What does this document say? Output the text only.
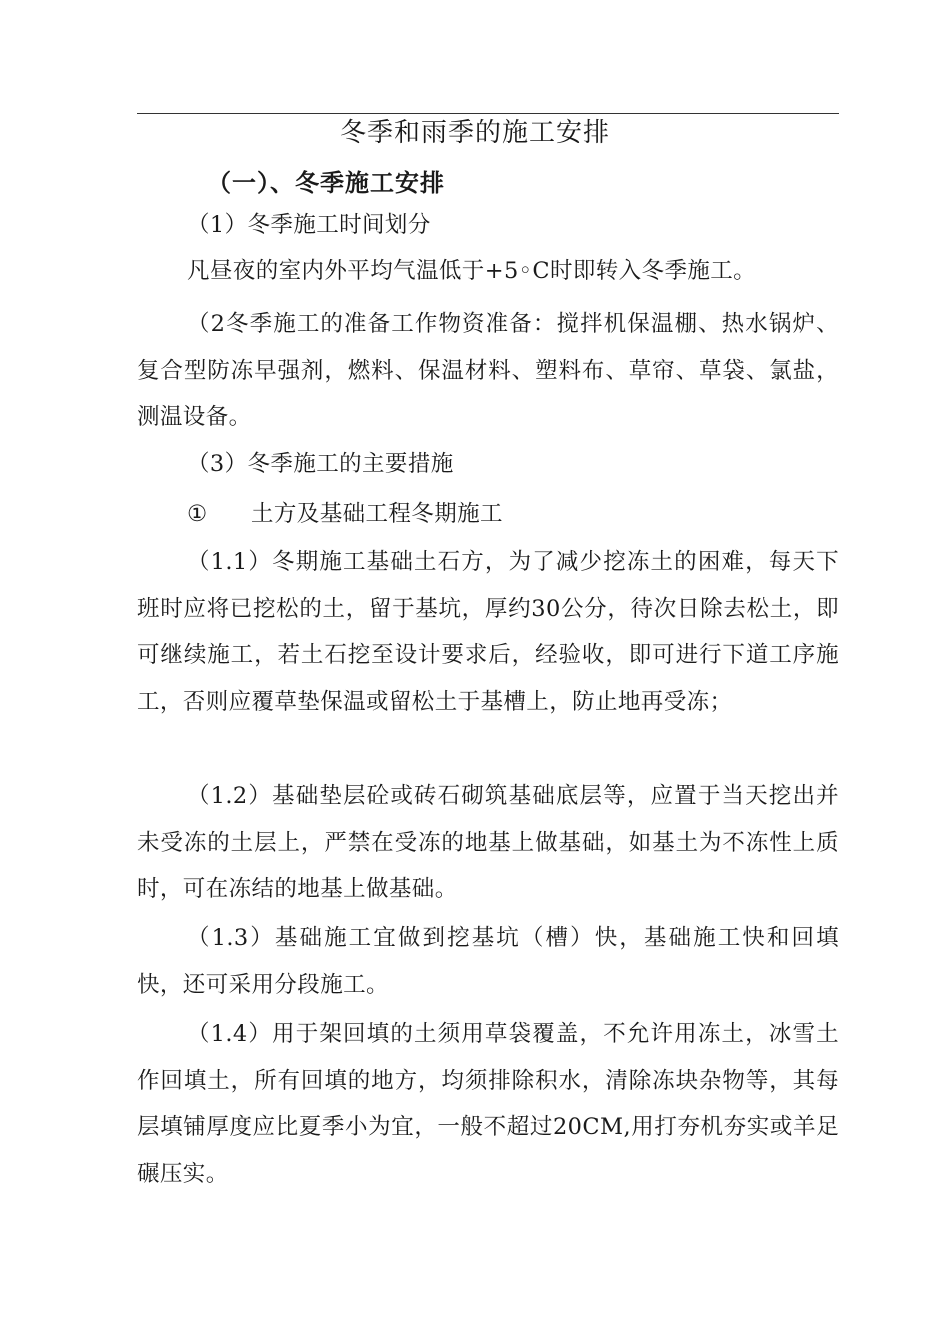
冬季和雨季的施工安排
（一）、冬季施工安排

（1）冬季施工时间划分

凡昼夜的室内外平均气温低于+5◦C时即转入冬季施工。

（2冬季施工的准备工作物资准备：搅拌机保温棚、热水锅炉、复合型防冻早强剂，燃料、保温材料、塑料布、草帘、草袋、氯盐，测温设备。

（3）冬季施工的主要措施

① 土方及基础工程冬期施工

（1.1）冬期施工基础土石方，为了减少挖冻土的困难，每天下班时应将已挖松的土，留于基坑，厚约30公分，待次日除去松土，即可继续施工，若土石挖至设计要求后，经验收，即可进行下道工序施工，否则应覆草垫保温或留松土于基槽上，防止地再受冻；

（1.2）基础垫层砼或砖石砌筑基础底层等，应置于当天挖出并未受冻的土层上，严禁在受冻的地基上做基础，如基土为不冻性上质时，可在冻结的地基上做基础。

（1.3）基础施工宜做到挖基坑（槽）快，基础施工快和回填快，还可采用分段施工。

（1.4）用于架回填的土须用草袋覆盖，不允许用冻土，冰雪土作回填土，所有回填的地方，均须排除积水，清除冻块杂物等，其每层填铺厚度应比夏季小为宜，一般不超过20CM,用打夯机夯实或羊足碾压实。
